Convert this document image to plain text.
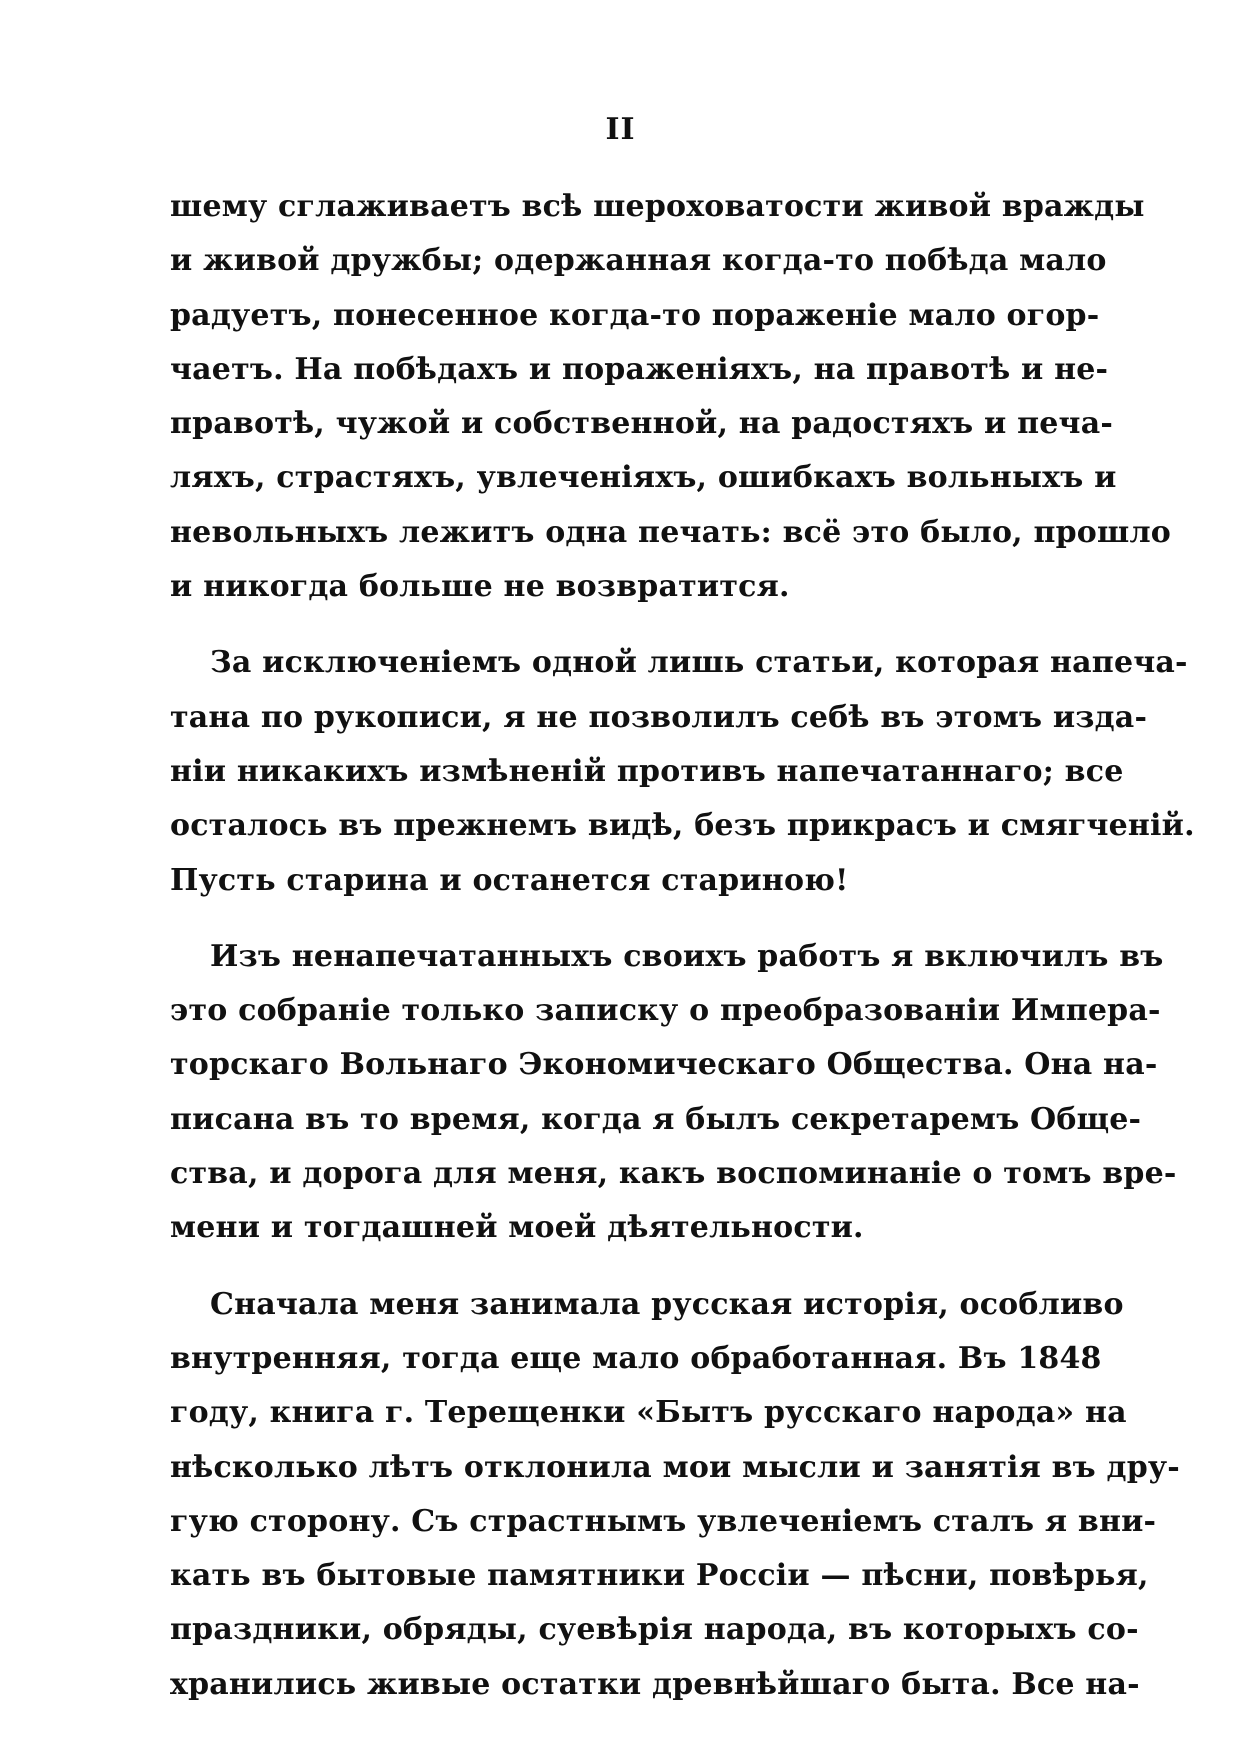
II
шему сглаживаетъ всѣ шероховатости живой вражды
и живой дружбы; одержанная когда-то побѣда мало
радуетъ, понесенное когда-то пораженіе мало огор-
чаетъ. На побѣдахъ и пораженіяхъ, на правотѣ и не-
правотѣ, чужой и собственной, на радостяхъ и печа-
ляхъ, страстяхъ, увлеченіяхъ, ошибкахъ вольныхъ и
невольныхъ лежитъ одна печать: всё это было, прошло
и никогда больше не возвратится.
За исключеніемъ одной лишь статьи, которая напеча-
тана по рукописи, я не позволилъ себѣ въ этомъ изда-
ніи никакихъ измѣненій противъ напечатаннаго; все
осталось въ прежнемъ видѣ, безъ прикрасъ и смягченій.
Пусть старина и останется стариною!
Изъ ненапечатанныхъ своихъ работъ я включилъ въ
это собраніе только записку о преобразованіи Импера-
торскаго Вольнаго Экономическаго Общества. Она на-
писана въ то время, когда я былъ секретаремъ Обще-
ства, и дорога для меня, какъ воспоминаніе о томъ вре-
мени и тогдашней моей дѣятельности.
Сначала меня занимала русская исторія, особливо
внутренняя, тогда еще мало обработанная. Въ 1848
году, книга г. Терещенки «Бытъ русскаго народа» на
нѣсколько лѣтъ отклонила мои мысли и занятія въ дру-
гую сторону. Съ страстнымъ увлеченіемъ сталъ я вни-
кать въ бытовые памятники Россіи — пѣсни, повѣрья,
праздники, обряды, суевѣрія народа, въ которыхъ со-
хранились живые остатки древнѣйшаго быта. Все на-
